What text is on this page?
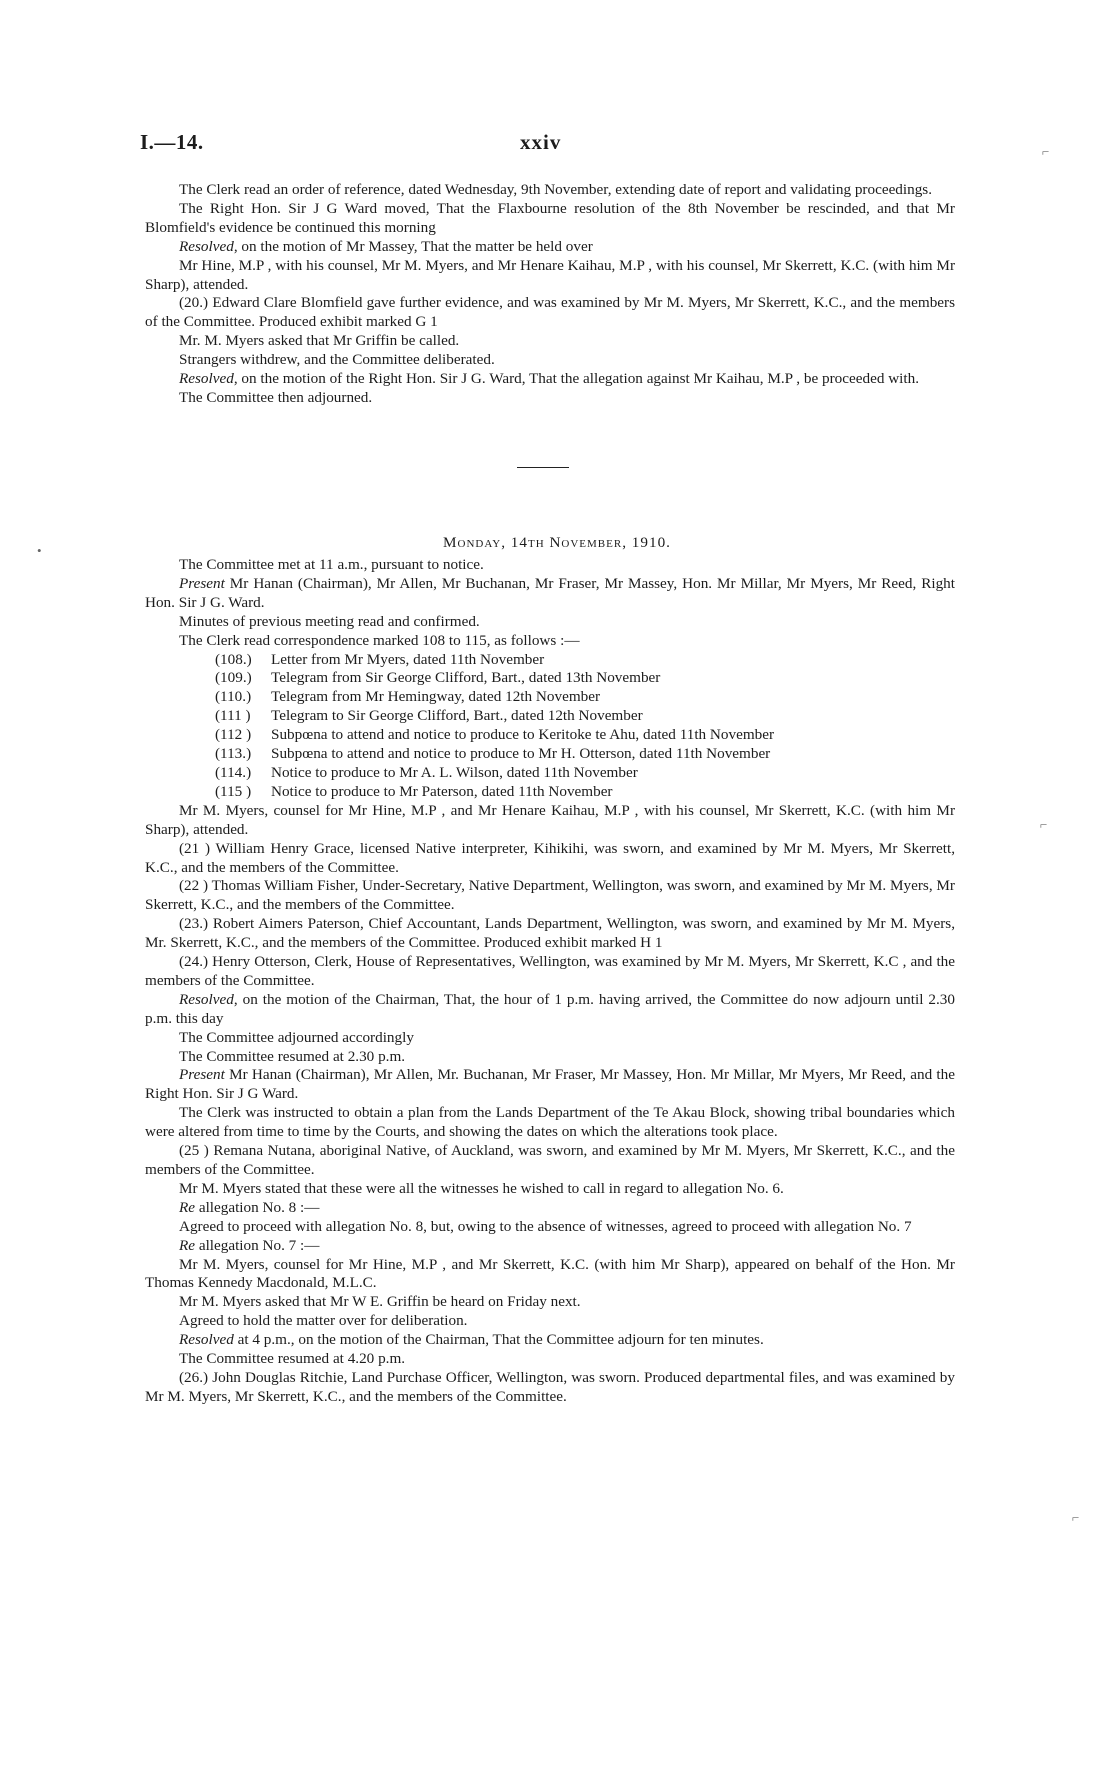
I.—14.	xxiv

The Clerk read an order of reference, dated Wednesday, 9th November, extending date of report and validating proceedings.

The Right Hon. Sir J G Ward moved, That the Flaxbourne resolution of the 8th November be rescinded, and that Mr Blomfield's evidence be continued this morning

Resolved, on the motion of Mr Massey, That the matter be held over

Mr Hine, M.P , with his counsel, Mr M. Myers, and Mr Henare Kaihau, M.P , with his counsel, Mr Skerrett, K.C. (with him Mr Sharp), attended.

(20.) Edward Clare Blomfield gave further evidence, and was examined by Mr M. Myers, Mr Skerrett, K.C., and the members of the Committee. Produced exhibit marked G 1

Mr. M. Myers asked that Mr Griffin be called.

Strangers withdrew, and the Committee deliberated.

Resolved, on the motion of the Right Hon. Sir J G. Ward, That the allegation against Mr Kaihau, M.P , be proceeded with.

The Committee then adjourned.

Monday, 14th November, 1910.

The Committee met at 11 a.m., pursuant to notice.

Present Mr Hanan (Chairman), Mr Allen, Mr Buchanan, Mr Fraser, Mr Massey, Hon. Mr Millar, Mr Myers, Mr Reed, Right Hon. Sir J G. Ward.

Minutes of previous meeting read and confirmed.

The Clerk read correspondence marked 108 to 115, as follows :—

(108.)	Letter from Mr Myers, dated 11th November
(109.)	Telegram from Sir George Clifford, Bart., dated 13th November
(110.)	Telegram from Mr Hemingway, dated 12th November
(111 )	Telegram to Sir George Clifford, Bart., dated 12th November
(112 )	Subpœna to attend and notice to produce to Keritoke te Ahu, dated 11th November
(113.)	Subpœna to attend and notice to produce to Mr H. Otterson, dated 11th November
(114.)	Notice to produce to Mr A. L. Wilson, dated 11th November
(115 )	Notice to produce to Mr Paterson, dated 11th November

Mr M. Myers, counsel for Mr Hine, M.P , and Mr Henare Kaihau, M.P , with his counsel, Mr Skerrett, K.C. (with him Mr Sharp), attended.

(21 ) William Henry Grace, licensed Native interpreter, Kihikihi, was sworn, and examined by Mr M. Myers, Mr Skerrett, K.C., and the members of the Committee.

(22 ) Thomas William Fisher, Under-Secretary, Native Department, Wellington, was sworn, and examined by Mr M. Myers, Mr Skerrett, K.C., and the members of the Committee.

(23.) Robert Aimers Paterson, Chief Accountant, Lands Department, Wellington, was sworn, and examined by Mr M. Myers, Mr. Skerrett, K.C., and the members of the Committee. Produced exhibit marked H 1

(24.) Henry Otterson, Clerk, House of Representatives, Wellington, was examined by Mr M. Myers, Mr Skerrett, K.C , and the members of the Committee.

Resolved, on the motion of the Chairman, That, the hour of 1 p.m. having arrived, the Committee do now adjourn until 2.30 p.m. this day

The Committee adjourned accordingly

The Committee resumed at 2.30 p.m.

Present Mr Hanan (Chairman), Mr Allen, Mr. Buchanan, Mr Fraser, Mr Massey, Hon. Mr Millar, Mr Myers, Mr Reed, and the Right Hon. Sir J G Ward.

The Clerk was instructed to obtain a plan from the Lands Department of the Te Akau Block, showing tribal boundaries which were altered from time to time by the Courts, and showing the dates on which the alterations took place.

(25 ) Remana Nutana, aboriginal Native, of Auckland, was sworn, and examined by Mr M. Myers, Mr Skerrett, K.C., and the members of the Committee.

Mr M. Myers stated that these were all the witnesses he wished to call in regard to allegation No. 6.

Re allegation No. 8 :—

Agreed to proceed with allegation No. 8, but, owing to the absence of witnesses, agreed to proceed with allegation No. 7

Re allegation No. 7 :—

Mr M. Myers, counsel for Mr Hine, M.P , and Mr Skerrett, K.C. (with him Mr Sharp), appeared on behalf of the Hon. Mr Thomas Kennedy Macdonald, M.L.C.

Mr M. Myers asked that Mr W E. Griffin be heard on Friday next.

Agreed to hold the matter over for deliberation.

Resolved at 4 p.m., on the motion of the Chairman, That the Committee adjourn for ten minutes.

The Committee resumed at 4.20 p.m.

(26.) John Douglas Ritchie, Land Purchase Officer, Wellington, was sworn. Produced departmental files, and was examined by Mr M. Myers, Mr Skerrett, K.C., and the members of the Committee.

⌐
•
⌐
⌐
